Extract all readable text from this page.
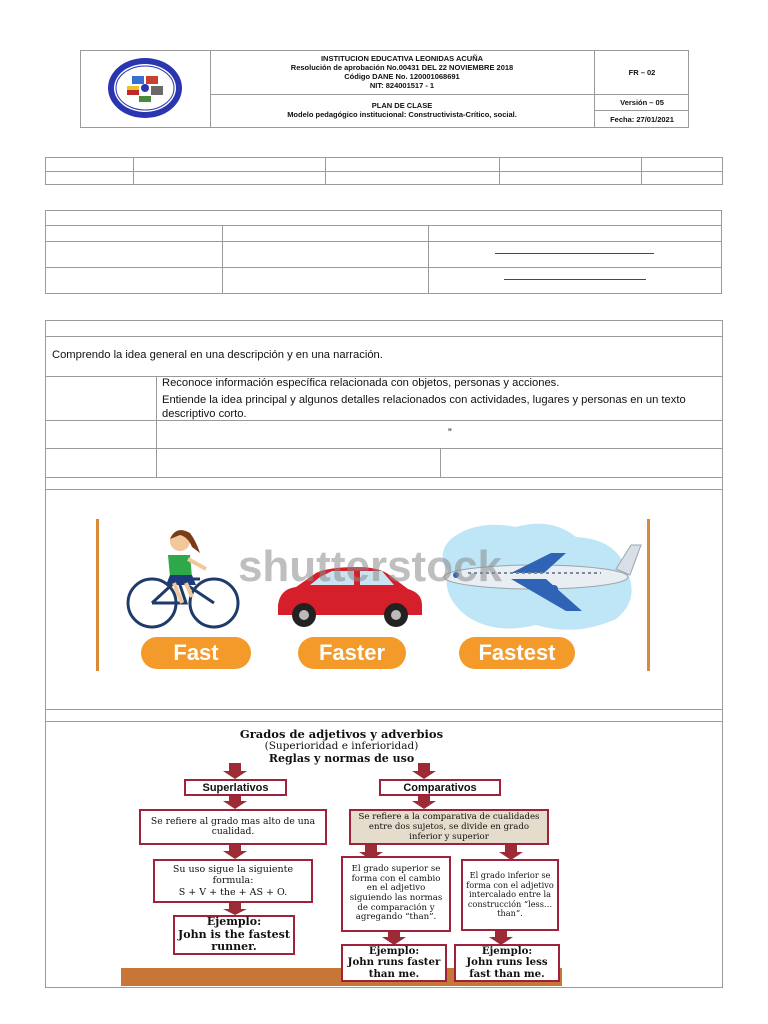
INSTITUCION EDUCATIVA LEONIDAS ACUÑA
Resolución de aprobación No.00431 DEL 22 NOVIEMBRE 2018
Código DANE No. 120001068691
NIT: 824001517 - 1
PLAN DE CLASE
Modelo pedagógico institucional: Constructivista-Crítico, social.
FR – 02
Versión – 05
Fecha: 27/01/2021
Comprendo la idea general en una descripción y en una narración.
Reconoce información específica relacionada con objetos, personas y acciones.
Entiende la idea principal y algunos detalles relacionados con actividades, lugares y personas en un texto descriptivo corto.
”
shutterstock
Fast	Faster	Fastest
Grados de adjetivos y adverbios
(Superioridad e inferioridad)
Reglas y normas de uso
Superlativos
Se refiere al grado mas alto de una cualidad.
Su uso sigue la siguiente formula:
S + V + the + AS + O.
Ejemplo:
John is the fastest runner.
Comparativos
Se refiere a la comparativa de cualidades entre dos sujetos, se divide en grado inferior y superior
El grado superior se forma con el cambio en el adjetivo siguiendo las normas de comparación y agregando “than”.
El grado inferior se forma con el adjetivo intercalado entre la construcción “less…than”.
Ejemplo:
John runs faster than me.
Ejemplo:
John runs less fast than me.
